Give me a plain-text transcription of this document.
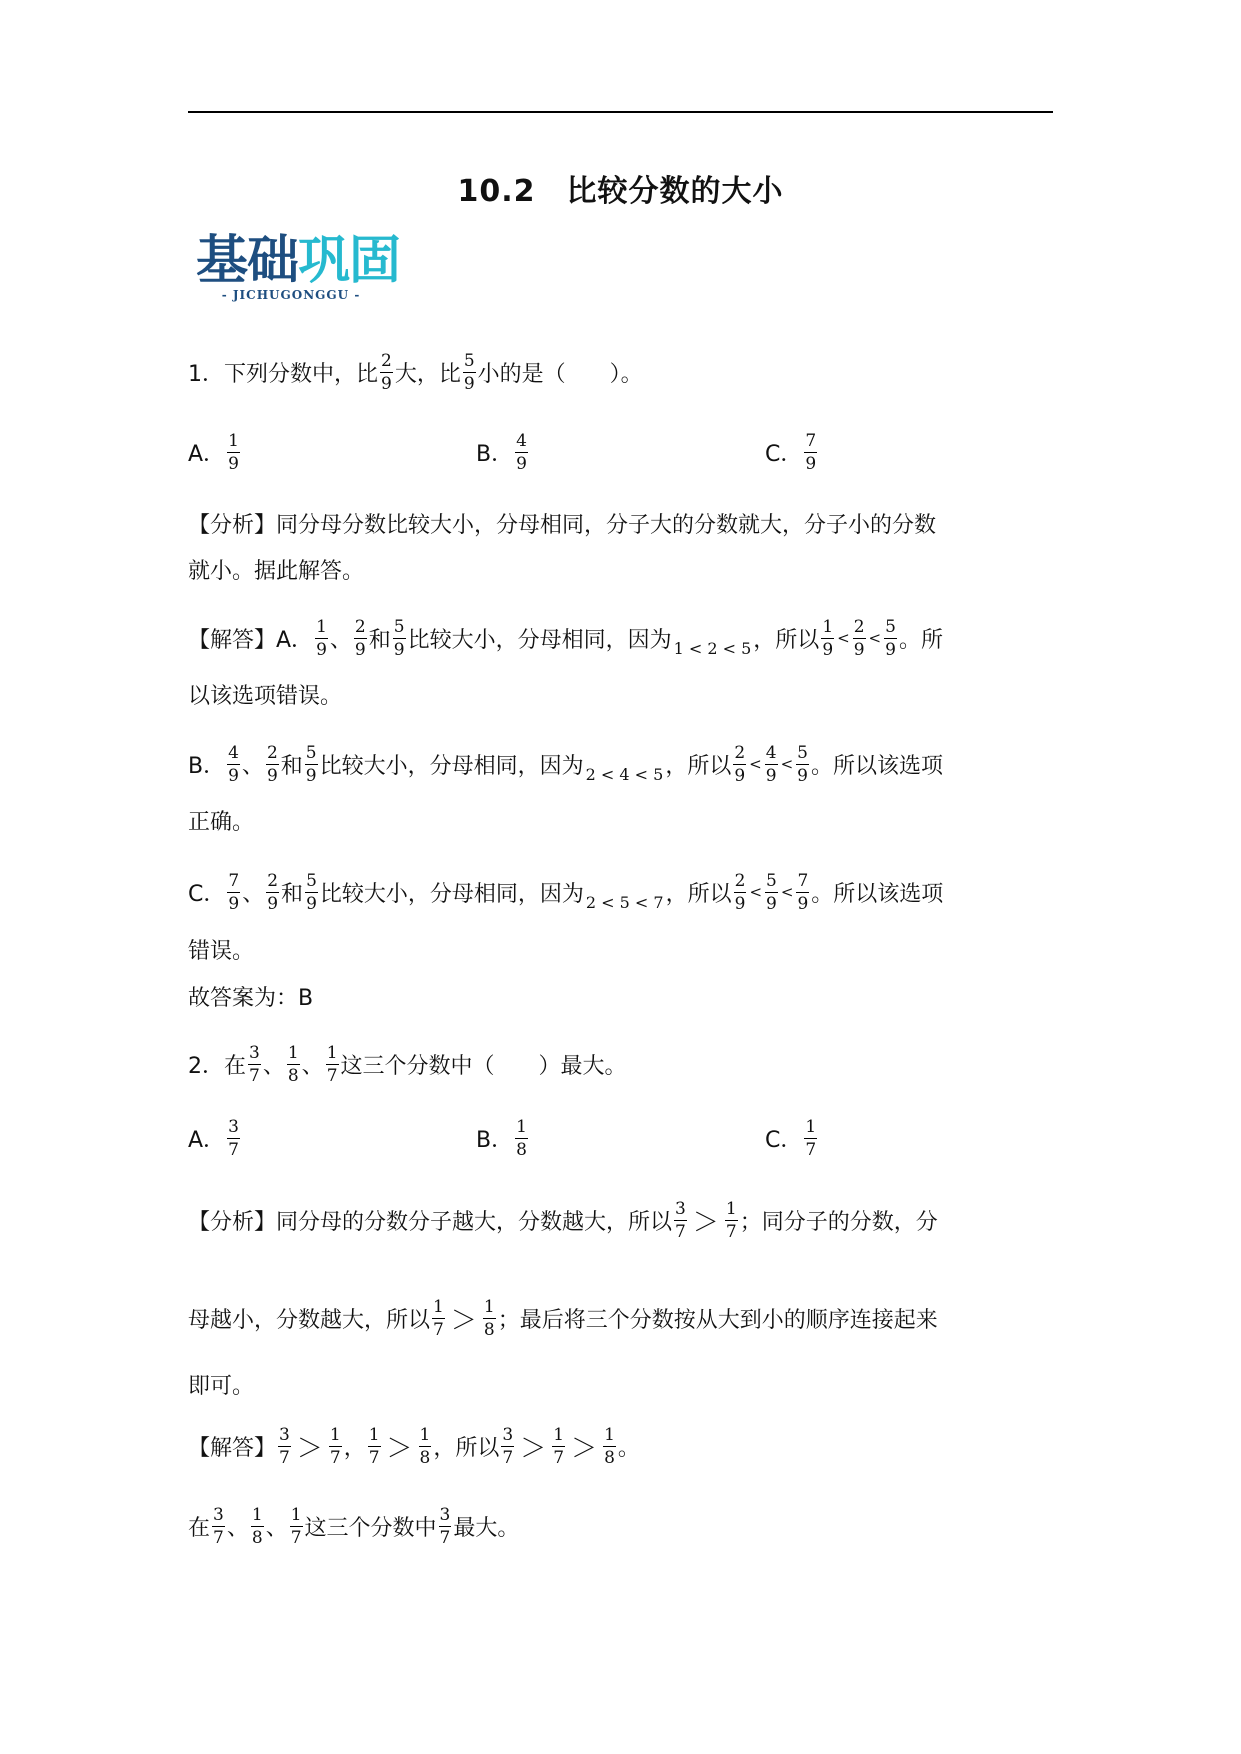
10.2　比较分数的大小
基础巩固
- JICHUGONGGU -
1．下列分数中，比
2
9 大，比
5
9 小的是（　　）。
A．
1
9	B．
4
9	C．
7
9
【分析】同分母分数比较大小，分母相同，分子大的分数就大，分子小的分数
就小。据此解答。
【解答】A．
1
9 、
2
9 和
5
9 比较大小，分母相同，因为 1 < 2 < 5 ，所以
1
9
<
2
9
<
5
9 。所
以该选项错误。
B．
4
9 、
2
9 和
5
9 比较大小，分母相同，因为 2 < 4 < 5 ，所以
2
9
<
4
9
<
5
9 。所以该选项
正确。
C．
7
9 、
2
9 和
5
9 比较大小，分母相同，因为 2 < 5 < 7 ，所以
2
9
<
5
9
<
7
9 。所以该选项
错误。
故答案为：B
2．在
3
7 、
1
8 、
1
7 这三个分数中（　　）最大。
A．
3
7	B．
1
8	C．
1
7
【分析】同分母的分数分子越大，分数越大，所以
3
7 ＞ 1
7 ；同分子的分数，分
母越小，分数越大，所以
1
7 ＞ 1
8 ；最后将三个分数按从大到小的顺序连接起来
即可。
【解答】
3
7 ＞ 1
7 ，
1
7 ＞ 1
8 ，所以
3
7 ＞ 1
7 ＞ 1
8 。
在
3
7 、
1
8 、
1
7 这三个分数中
3
7 最大。
